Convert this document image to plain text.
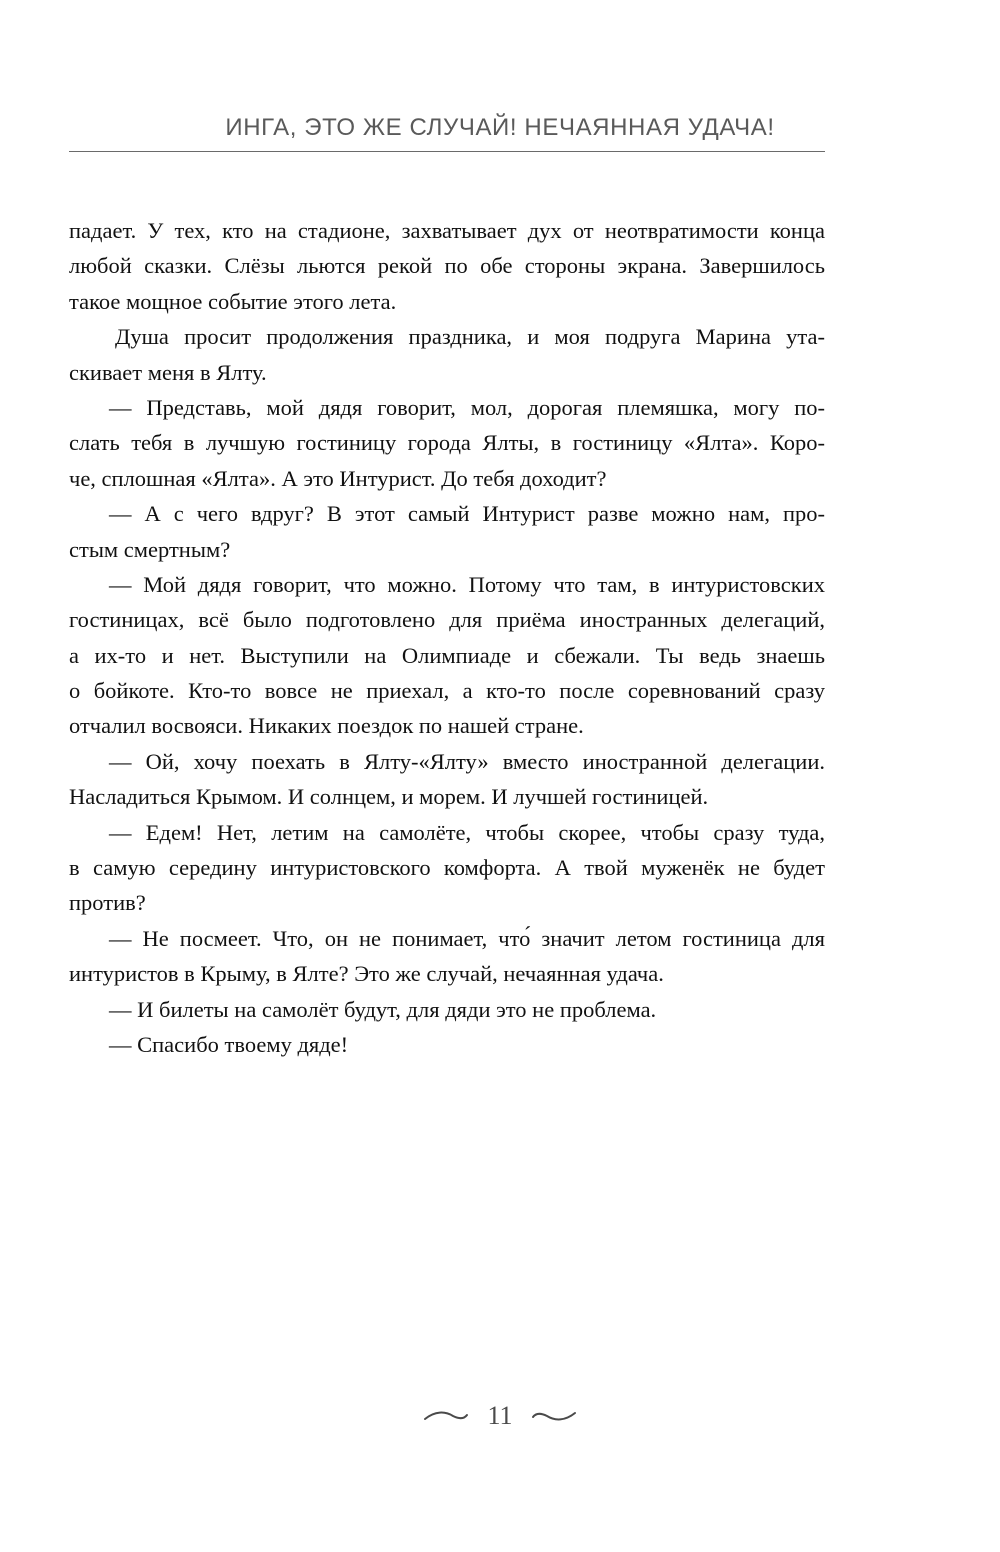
ИНГА, ЭТО ЖЕ СЛУЧАЙ! НЕЧАЯННАЯ УДАЧА!
падает. У тех, кто на стадионе, захватывает дух от неотвратимости конца
любой сказки. Слёзы льются рекой по обе стороны экрана. Завершилось
такое мощное событие этого лета.
Душа просит продолжения праздника, и моя подруга Марина ута-
скивает меня в Ялту.
— Представь, мой дядя говорит, мол, дорогая племяшка, могу по-
слать тебя в лучшую гостиницу города Ялты, в гостиницу «Ялта». Коро-
че, сплошная «Ялта». А это Интурист. До тебя доходит?
— А с чего вдруг? В этот самый Интурист разве можно нам, про-
стым смертным?
— Мой дядя говорит, что можно. Потому что там, в интуристовских
гостиницах, всё было подготовлено для приёма иностранных делегаций,
а их-то и нет. Выступили на Олимпиаде и сбежали. Ты ведь знаешь
о бойкоте. Кто-то вовсе не приехал, а кто-то после соревнований сразу
отчалил восвояси. Никаких поездок по нашей стране.
— Ой, хочу поехать в Ялту-«Ялту» вместо иностранной делегации.
Насладиться Крымом. И солнцем, и морем. И лучшей гостиницей.
— Едем! Нет, летим на самолёте, чтобы скорее, чтобы сразу туда,
в самую середину интуристовского комфорта. А твой муженёк не будет
против?
— Не посмеет. Что, он не понимает, что́ значит летом гостиница для
интуристов в Крыму, в Ялте? Это же случай, нечаянная удача.
— И билеты на самолёт будут, для дяди это не проблема.
— Спасибо твоему дяде!
11
